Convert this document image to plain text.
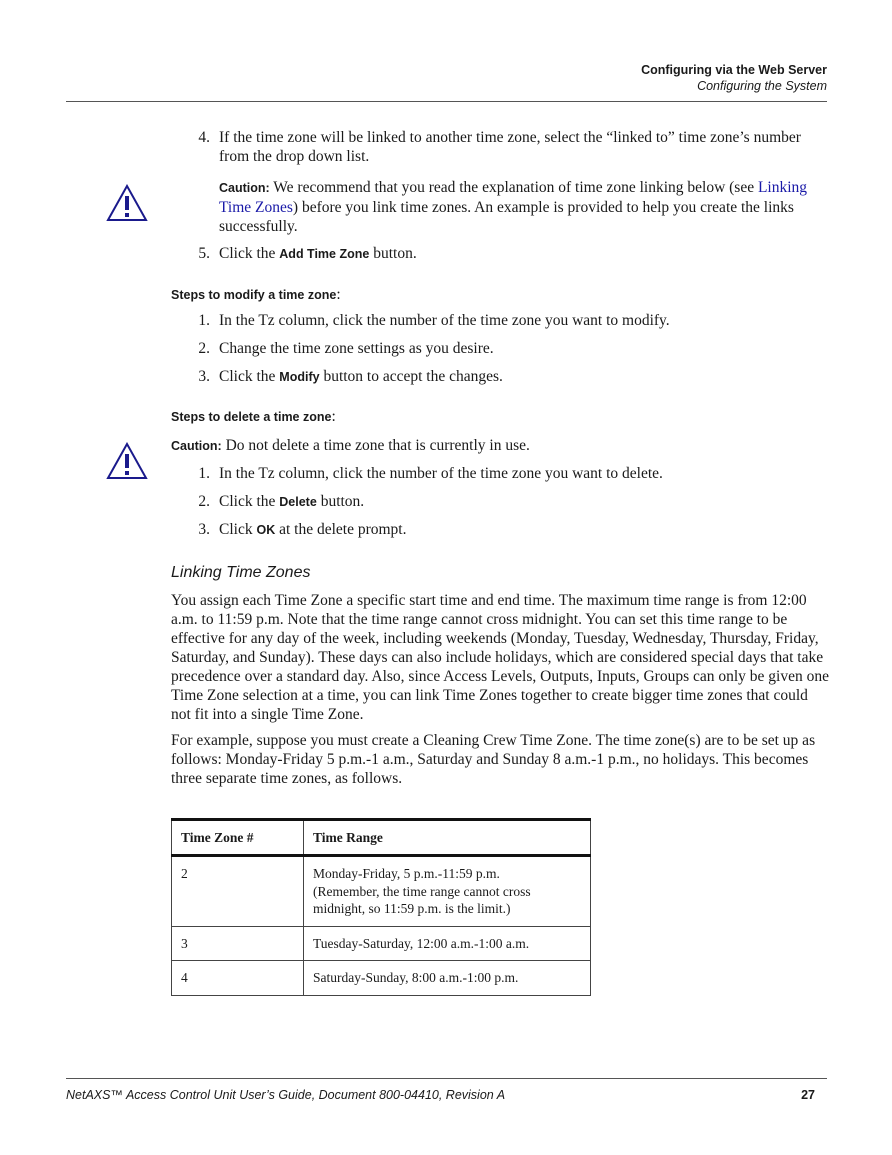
Configuring via the Web Server
Configuring the System
4. If the time zone will be linked to another time zone, select the “linked to” time zone’s number from the drop down list.
Caution: We recommend that you read the explanation of time zone linking below (see Linking Time Zones) before you link time zones. An example is provided to help you create the links successfully.
5. Click the Add Time Zone button.
Steps to modify a time zone:
1. In the Tz column, click the number of the time zone you want to modify.
2. Change the time zone settings as you desire.
3. Click the Modify button to accept the changes.
Steps to delete a time zone:
Caution: Do not delete a time zone that is currently in use.
1. In the Tz column, click the number of the time zone you want to delete.
2. Click the Delete button.
3. Click OK at the delete prompt.
Linking Time Zones
You assign each Time Zone a specific start time and end time. The maximum time range is from 12:00 a.m. to 11:59 p.m. Note that the time range cannot cross midnight. You can set this time range to be effective for any day of the week, including weekends (Monday, Tuesday, Wednesday, Thursday, Friday, Saturday, and Sunday). These days can also include holidays, which are considered special days that take precedence over a standard day. Also, since Access Levels, Outputs, Inputs, Groups can only be given one Time Zone selection at a time, you can link Time Zones together to create bigger time zones that could not fit into a single Time Zone.
For example, suppose you must create a Cleaning Crew Time Zone. The time zone(s) are to be set up as follows: Monday-Friday 5 p.m.-1 a.m., Saturday and Sunday 8 a.m.-1 p.m., no holidays. This becomes three separate time zones, as follows.
Time Zone #	Time Range
2	Monday-Friday, 5 p.m.-11:59 p.m.
(Remember, the time range cannot cross
midnight, so 11:59 p.m. is the limit.)

3	Tuesday-Saturday, 12:00 a.m.-1:00 a.m.

4	Saturday-Sunday, 8:00 a.m.-1:00 p.m.
NetAXS™ Access Control Unit User’s Guide, Document 800-04410, Revision A	27
